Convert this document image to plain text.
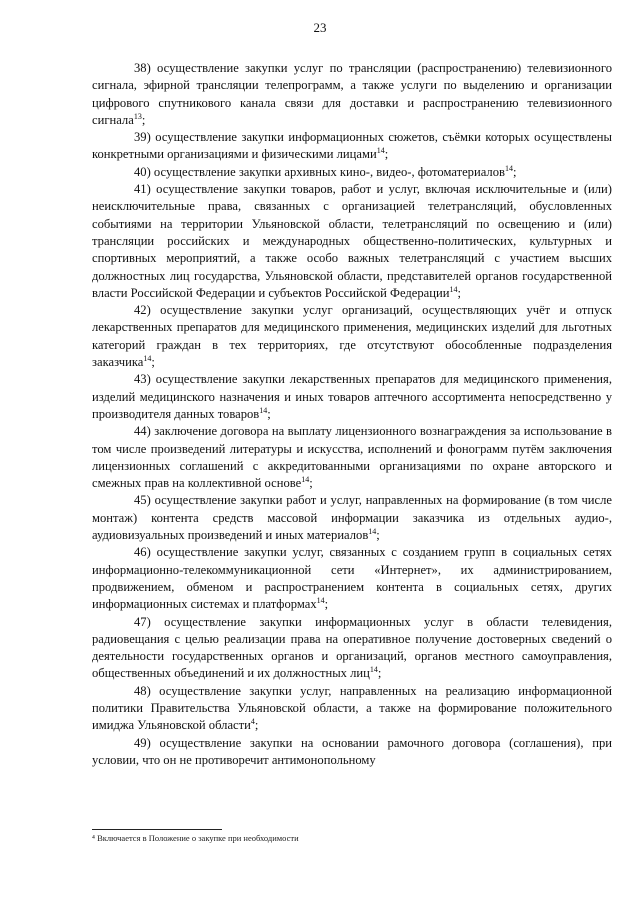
23

38) осуществление закупки услуг по трансляции (распространению) телевизионного сигнала, эфирной трансляции телепрограмм, а также услуги по выделению и организации цифрового спутникового канала связи для доставки и распространению телевизионного сигнала$^{13}$;

39) осуществление закупки информационных сюжетов, съёмки которых осуществлены конкретными организациями и физическими лицами$^{14}$;

40) осуществление закупки архивных кино-, видео-, фотоматериалов$^{14}$;

41) осуществление закупки товаров, работ и услуг, включая исключительные и (или) неисключительные права, связанных с организацией телетрансляций, обусловленных событиями на территории Ульяновской области, телетрансляций по освещению и (или) трансляции российских и международных общественно-политических, культурных и спортивных мероприятий, а также особо важных телетрансляций с участием высших должностных лиц государства, Ульяновской области, представителей органов государственной власти Российской Федерации и субъектов Российской Федерации$^{14}$;

42) осуществление закупки услуг организаций, осуществляющих учёт и отпуск лекарственных препаратов для медицинского применения, медицинских изделий для льготных категорий граждан в тех территориях, где отсутствуют обособленные подразделения заказчика$^{14}$;

43) осуществление закупки лекарственных препаратов для медицинского применения, изделий медицинского назначения и иных товаров аптечного ассортимента непосредственно у производителя данных товаров$^{14}$;

44) заключение договора на выплату лицензионного вознаграждения за использование в том числе произведений литературы и искусства, исполнений и фонограмм путём заключения лицензионных соглашений с аккредитованными организациями по охране авторского и смежных прав на коллективной основе$^{14}$;

45) осуществление закупки работ и услуг, направленных на формирование (в том числе монтаж) контента средств массовой информации заказчика из отдельных аудио-, аудиовизуальных произведений и иных материалов$^{14}$;

46) осуществление закупки услуг, связанных с созданием групп в социальных сетях информационно-телекоммуникационной сети «Интернет», их администрированием, продвижением, обменом и распространением контента в социальных сетях, других информационных системах и платформах$^{14}$;

47) осуществление закупки информационных услуг в области телевидения, радиовещания с целью реализации права на оперативное получение достоверных сведений о деятельности государственных органов и организаций, органов местного самоуправления, общественных объединений и их должностных лиц$^{14}$;

48) осуществление закупки услуг, направленных на реализацию информационной политики Правительства Ульяновской области, а также на формирование положительного имиджа Ульяновской области$^4$;

49) осуществление закупки на основании рамочного договора (соглашения), при условии, что он не противоречит антимонопольному

⁴ Включается в Положение о закупке при необходимости
